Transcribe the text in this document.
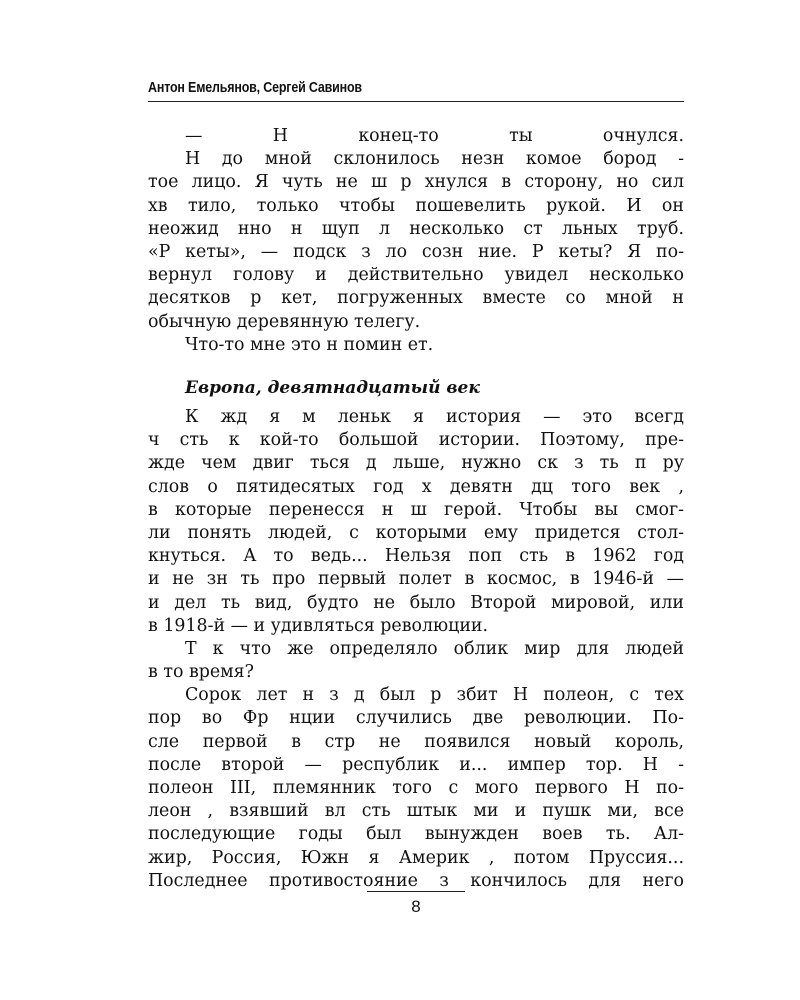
Антон Емельянов, Сергей Савинов
— Н конец-то ты очнулся.
Н до мной склонилось незн комое бород -
тое лицо. Я чуть не ш р хнулся в сторону, но сил
хв тило, только чтобы пошевелить рукой. И он
неожид нно н щуп л несколько ст льных труб.
«Р кеты», — подск з ло созн ние. Р кеты? Я по-
вернул голову и действительно увидел несколько
десятков р кет, погруженных вместе со мной н
обычную деревянную телегу.
Что-то мне это н помин ет.
Европа, девятнадцатый век
К жд я м леньк я история — это всегд
ч сть к кой-то большой истории. Поэтому, пре-
жде чем двиг ться д льше, нужно ск з ть п ру
слов о пятидесятых год х девятн дц того век ,
в которые перенесся н ш герой. Чтобы вы смог-
ли понять людей, с которыми ему придется стол-
кнуться. А то ведь... Нельзя поп сть в 1962 год
и не зн ть про первый полет в космос, в 1946-й —
и дел ть вид, будто не было Второй мировой, или
в 1918-й — и удивляться революции.
Т к что же определяло облик мир для людей
в то время?
Сорок лет н з д был р збит Н полеон, с тех
пор во Фр нции случились две революции. По-
сле первой в стр не появился новый король,
после второй — республик и... импер тор. Н -
полеон III, племянник того с мого первого Н по-
леон , взявший вл сть штык ми и пушк ми, все
последующие годы был вынужден воев ть. Ал-
жир, Россия, Южн я Америк , потом Пруссия...
Последнее противостояние з кончилось для него
8
